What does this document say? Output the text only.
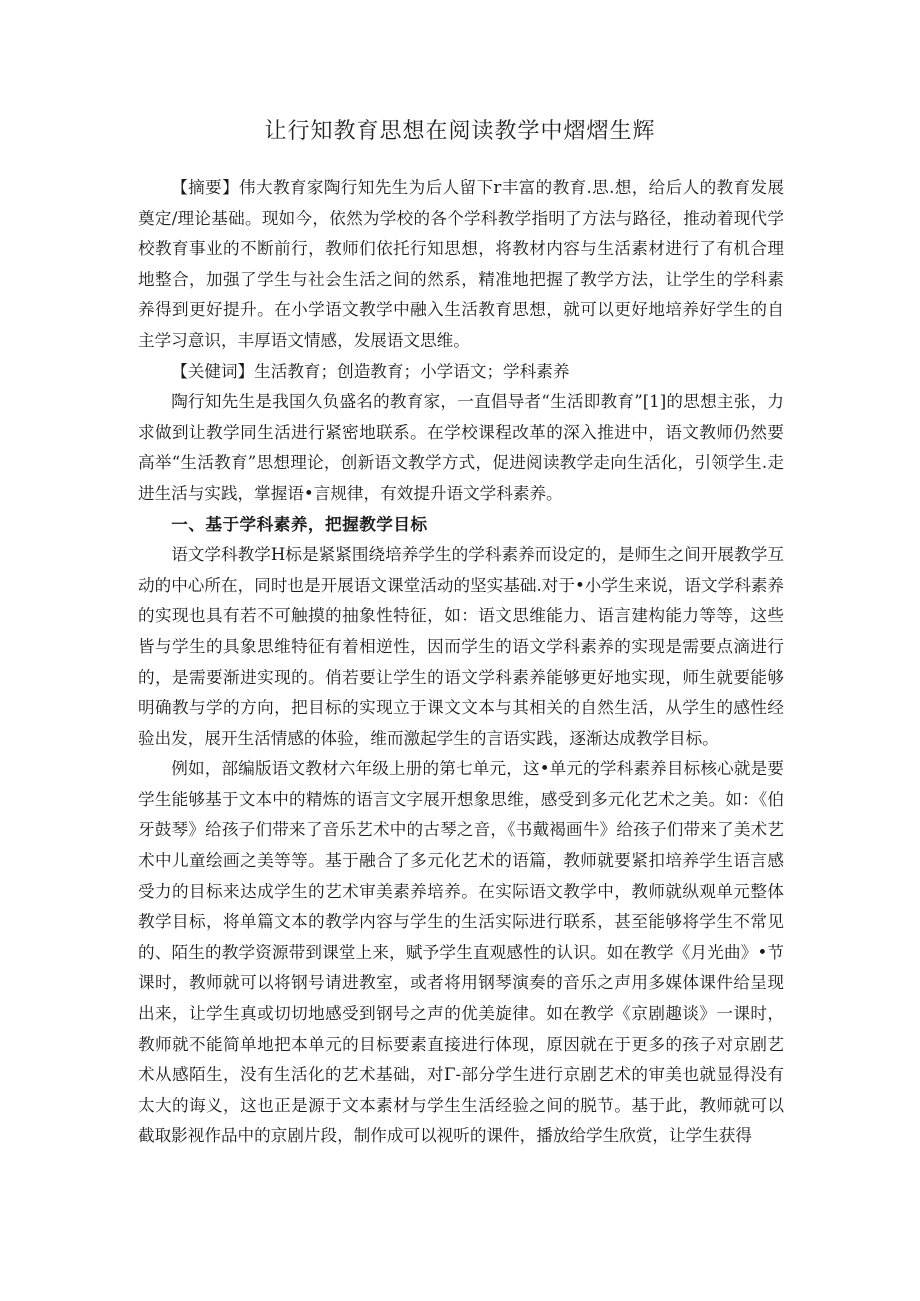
让行知教育思想在阅读教学中熠熠生辉

【摘要】伟大教育家陶行知先生为后人留下r丰富的教育.思.想，给后人的教育发展奠定/理论基础。现如今，依然为学校的各个学科教学指明了方法与路径，推动着现代学校教育事业的不断前行，教师们依托行知思想，将教材内容与生活素材进行了有机合理地整合，加强了学生与社会生活之间的然系，精准地把握了教学方法，让学生的学科素养得到更好提升。在小学语文教学中融入生活教育思想，就可以更好地培养好学生的自主学习意识，丰厚语文情感，发展语文思维。

【关健词】生活教育；创造教育；小学语文；学科素养

陶行知先生是我国久负盛名的教育家，一直倡导者“生活即教育”[1]的思想主张，力求做到让教学同生活进行紧密地联系。在学校课程改革的深入推进中，语文教师仍然要高举“生活教育”思想理论，创新语文教学方式，促进阅读教学走向生活化，引领学生.走进生活与实践，掌握语•言规律，有效提升语文学科素养。

一、基于学科素养，把握教学目标

语文学科教学H标是紧紧围绕培养学生的学科素养而设定的，是师生之间开展教学互动的中心所在，同时也是开展语文课堂活动的坚实基础.对于•小学生来说，语文学科素养的实现也具有若不可触摸的抽象性特征，如：语文思维能力、语言建构能力等等，这些皆与学生的具象思维特征有着相逆性，因而学生的语文学科素养的实现是需要点滴进行的，是需要渐进实现的。俏若要让学生的语文学科素养能够更好地实现，师生就要能够明确教与学的方向，把目标的实现立于课文文本与其相关的自然生活，从学生的感性经验出发，展开生活情感的体验，维而激起学生的言语实践，逐渐达成教学目标。

例如，部编版语文教材六年级上册的第七单元，这•单元的学科素养目标核心就是要学生能够基于文本中的精炼的语言文字展开想象思维，感受到多元化艺术之美。如：《伯牙鼓琴》给孩子们带来了音乐艺术中的古琴之音，《书戴褐画牛》给孩子们带来了美术艺术中儿童绘画之美等等。基于融合了多元化艺术的语篇，教师就要紧扣培养学生语言感受力的目标来达成学生的艺术审美素养培养。在实际语文教学中，教师就纵观单元整体教学目标，将单篇文本的教学内容与学生的生活实际进行联系，甚至能够将学生不常见的、陌生的教学资源带到课堂上来，赋予学生直观感性的认识。如在教学《月光曲》•节课时，教师就可以将钢号请进教室，或者将用钢琴演奏的音乐之声用多媒体课件给呈现出来，让学生真或切切地感受到钢号之声的优美旋律。如在教学《京剧趣谈》一课时，教师就不能简单地把本单元的目标要素直接进行体现，原因就在于更多的孩子对京剧艺术从感陌生，没有生活化的艺术基础，对Γ-部分学生进行京剧艺术的审美也就显得没有太大的诲义，这也正是源于文本素材与学生生活经验之间的脱节。基于此，教师就可以截取影视作品中的京剧片段，制作成可以视听的课件，播放给学生欣赏，让学生获得
